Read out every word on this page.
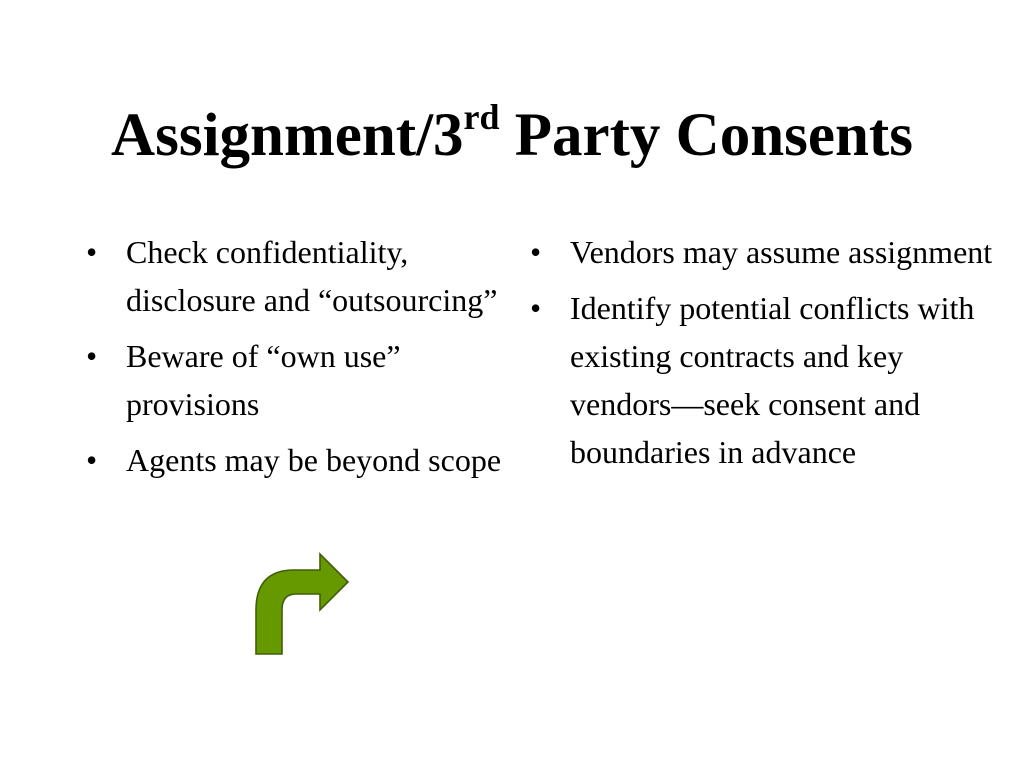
Assignment/3rd Party Consents
• Check confidentiality, disclosure and “outsourcing”
• Beware of “own use” provisions
• Agents may be beyond scope
• Vendors may assume assignment
• Identify potential conflicts with existing contracts and key vendors—seek consent and boundaries in advance
